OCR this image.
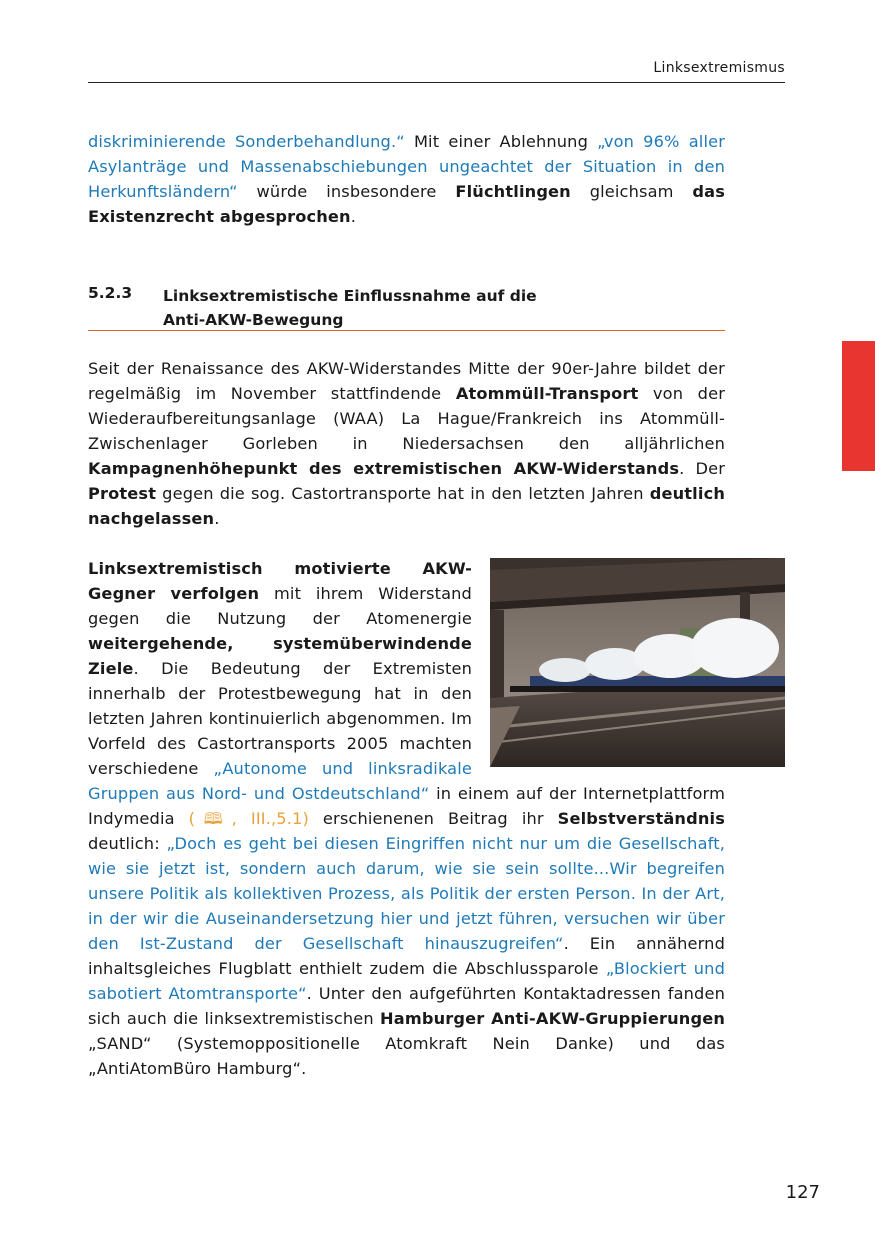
Linksextremismus
diskriminierende Sonderbehandlung.“ Mit einer Ablehnung „von 96% aller Asylanträge und Massenabschiebungen ungeachtet der Situation in den Herkunftsländern“ würde insbesondere Flüchtlingen gleichsam das Existenzrecht abgesprochen.
5.2.3 Linksextremistische Einflussnahme auf die
Anti-AKW-Bewegung
Seit der Renaissance des AKW-Widerstandes Mitte der 90er-Jahre bildet der regelmäßig im November stattfindende Atommüll-Transport von der Wiederaufbereitungsanlage (WAA) La Hague/Frankreich ins Atommüll-Zwischenlager Gorleben in Niedersachsen den alljährlichen Kampagnenhöhepunkt des extremistischen AKW-Widerstands. Der Protest gegen die sog. Castortransporte hat in den letzten Jahren deutlich nachgelassen.
Linksextremistisch motivierte AKW-Gegner verfolgen mit ihrem Widerstand gegen die Nutzung der Atomenergie weitergehende, systemüberwindende Ziele. Die Bedeutung der Extremisten innerhalb der Protestbewegung hat in den letzten Jahren kontinuierlich abgenommen. Im Vorfeld des Castortransports 2005 machten verschiedene „Autonome und linksradikale Gruppen aus Nord- und Ostdeutschland“ in einem auf der Internetplattform Indymedia (🕮, III.,5.1) erschienenen Beitrag ihr Selbstverständnis deutlich: „Doch es geht bei diesen Eingriffen nicht nur um die Gesellschaft, wie sie jetzt ist, sondern auch darum, wie sie sein sollte...Wir begreifen unsere Politik als kollektiven Prozess, als Politik der ersten Person. In der Art, in der wir die Auseinandersetzung hier und jetzt führen, versuchen wir über den Ist-Zustand der Gesellschaft hinauszugreifen“. Ein annähernd inhaltsgleiches Flugblatt enthielt zudem die Abschlussparole „Blockiert und sabotiert Atomtransporte“. Unter den aufgeführten Kontaktadressen fanden sich auch die linksextremistischen Hamburger Anti-AKW-Gruppierungen „SAND“ (Systemoppositionelle Atomkraft Nein Danke) und das „AntiAtomBüro Hamburg“.
127
